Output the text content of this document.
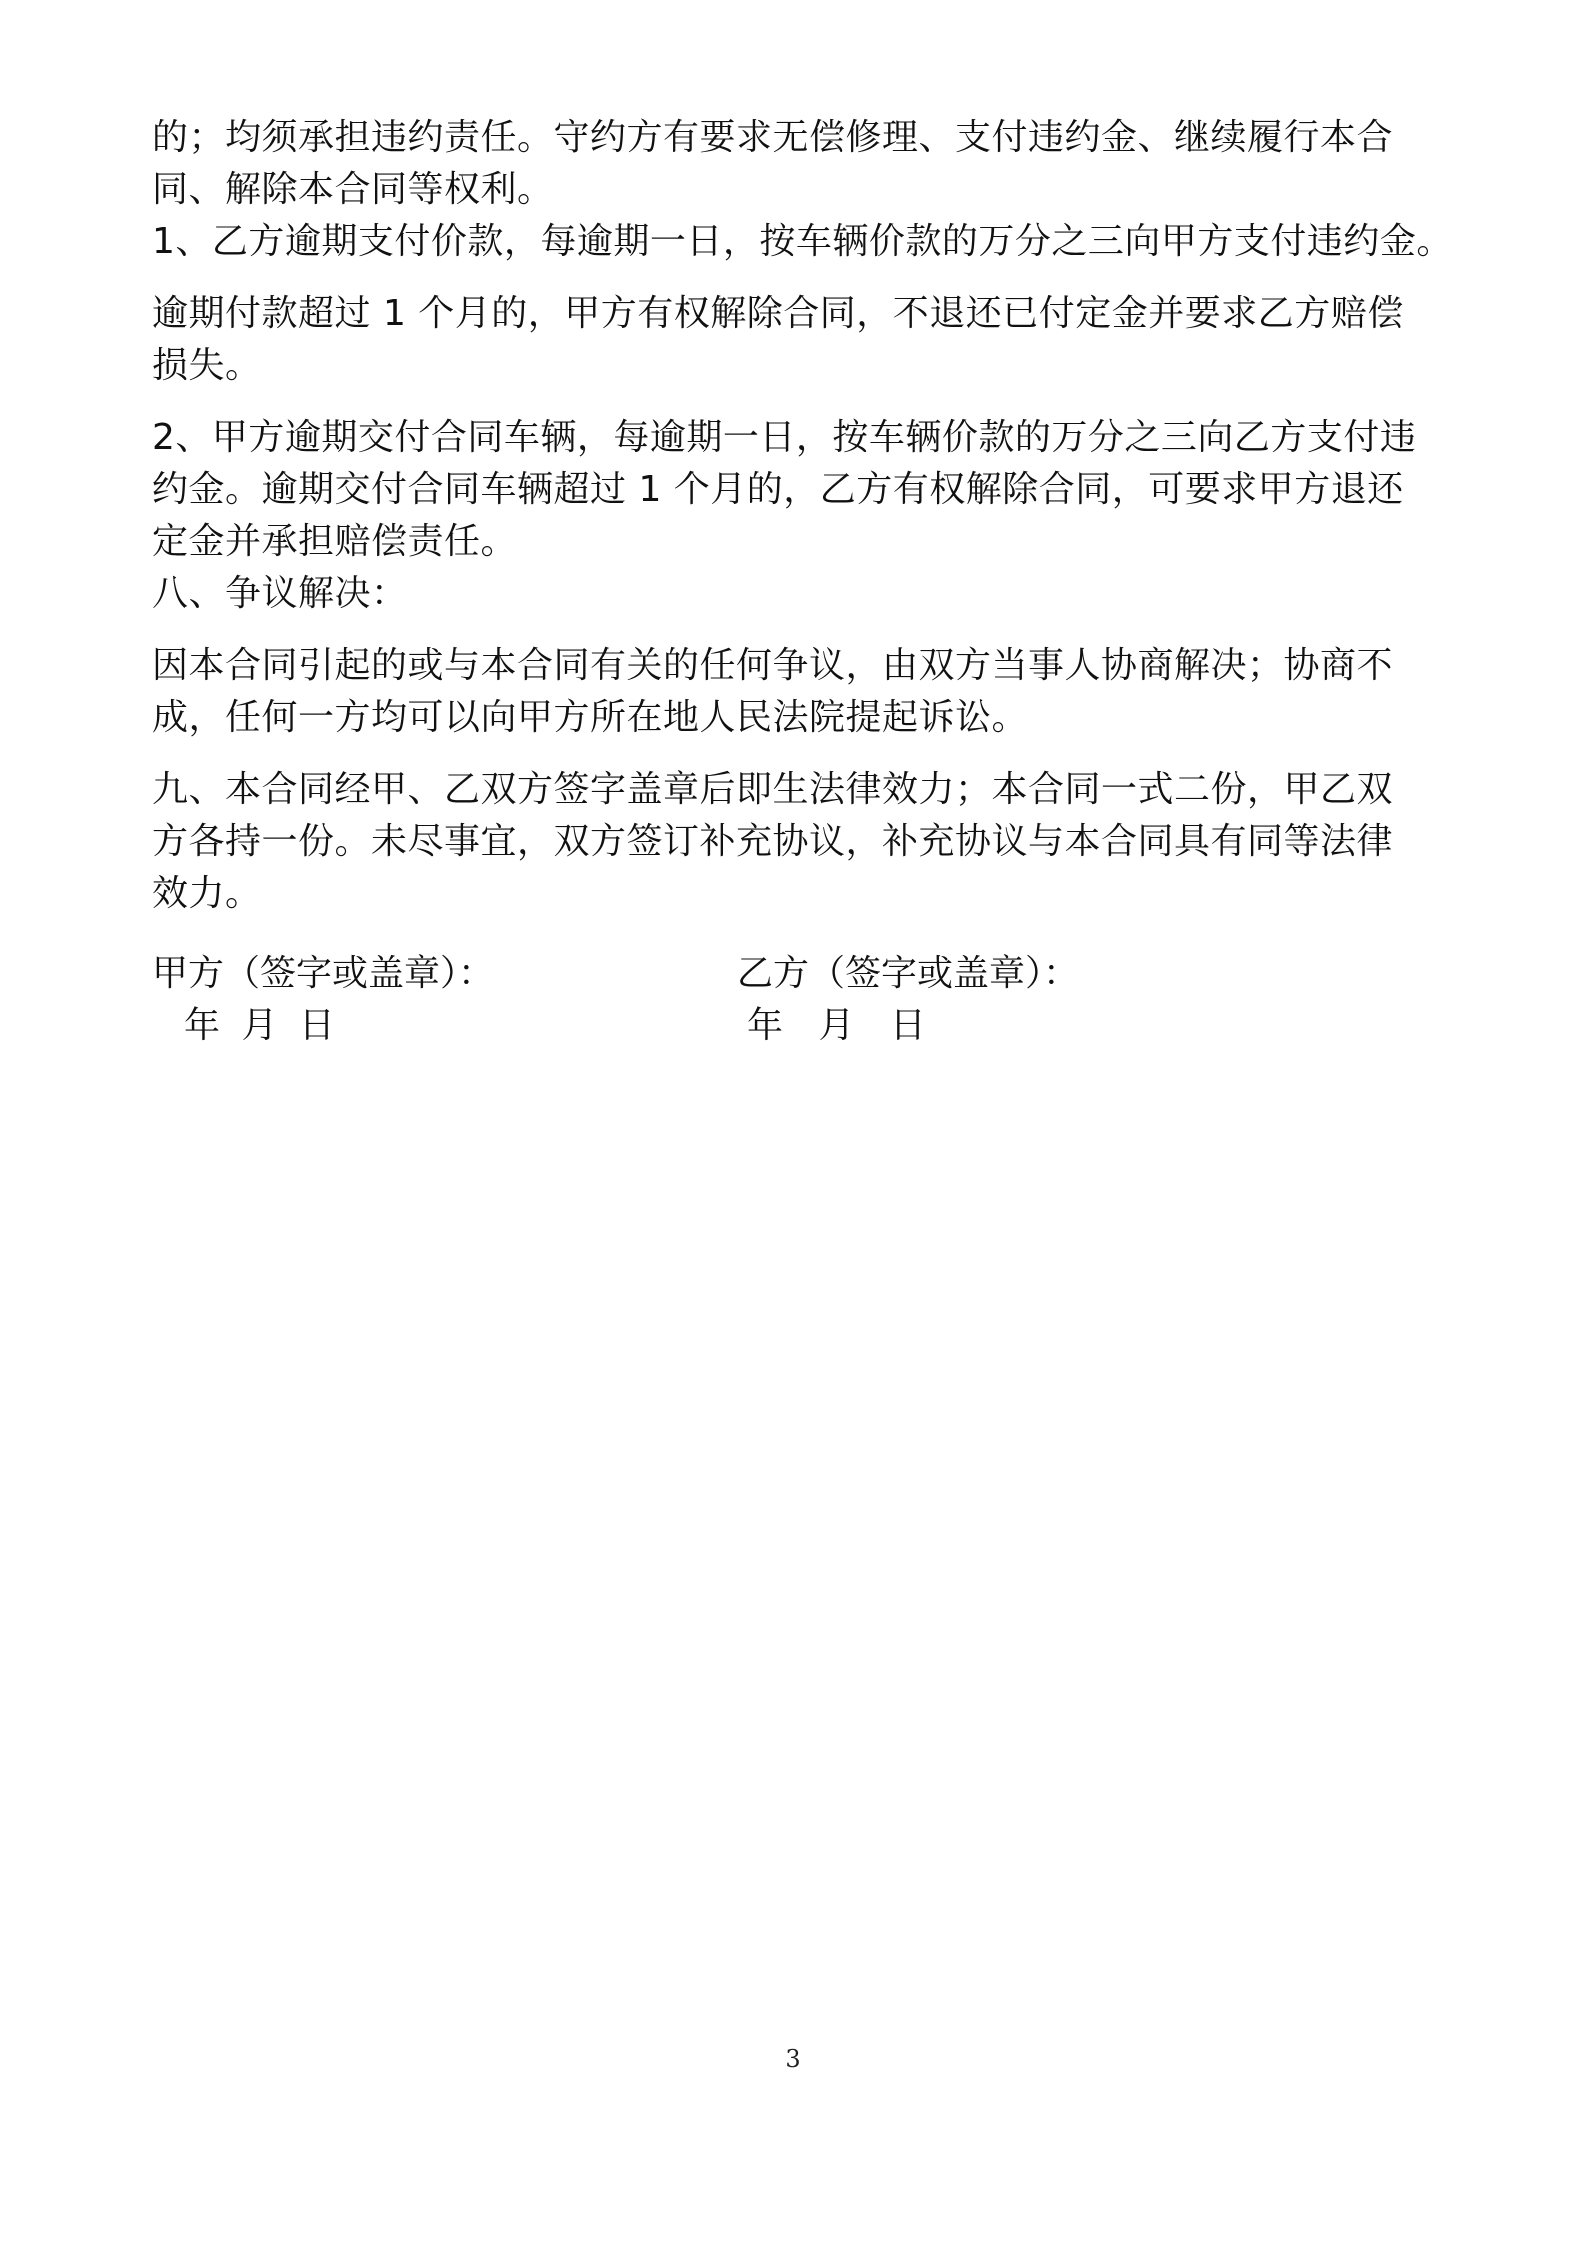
的；均须承担违约责任。守约方有要求无偿修理、支付违约金、继续履行本合
同、解除本合同等权利。
1、乙方逾期支付价款，每逾期一日，按车辆价款的万分之三向甲方支付违约金。
逾期付款超过 1 个月的，甲方有权解除合同，不退还已付定金并要求乙方赔偿
损失。
2、甲方逾期交付合同车辆，每逾期一日，按车辆价款的万分之三向乙方支付违
约金。逾期交付合同车辆超过 1 个月的，乙方有权解除合同，可要求甲方退还
定金并承担赔偿责任。
八、争议解决：
因本合同引起的或与本合同有关的任何争议，由双方当事人协商解决；协商不
成，任何一方均可以向甲方所在地人民法院提起诉讼。
九、本合同经甲、乙双方签字盖章后即生法律效力；本合同一式二份，甲乙双
方各持一份。未尽事宜，双方签订补充协议，补充协议与本合同具有同等法律
效力。
甲方（签字或盖章）：	乙方（签字或盖章）：
年 月 日	年 月 日
3
